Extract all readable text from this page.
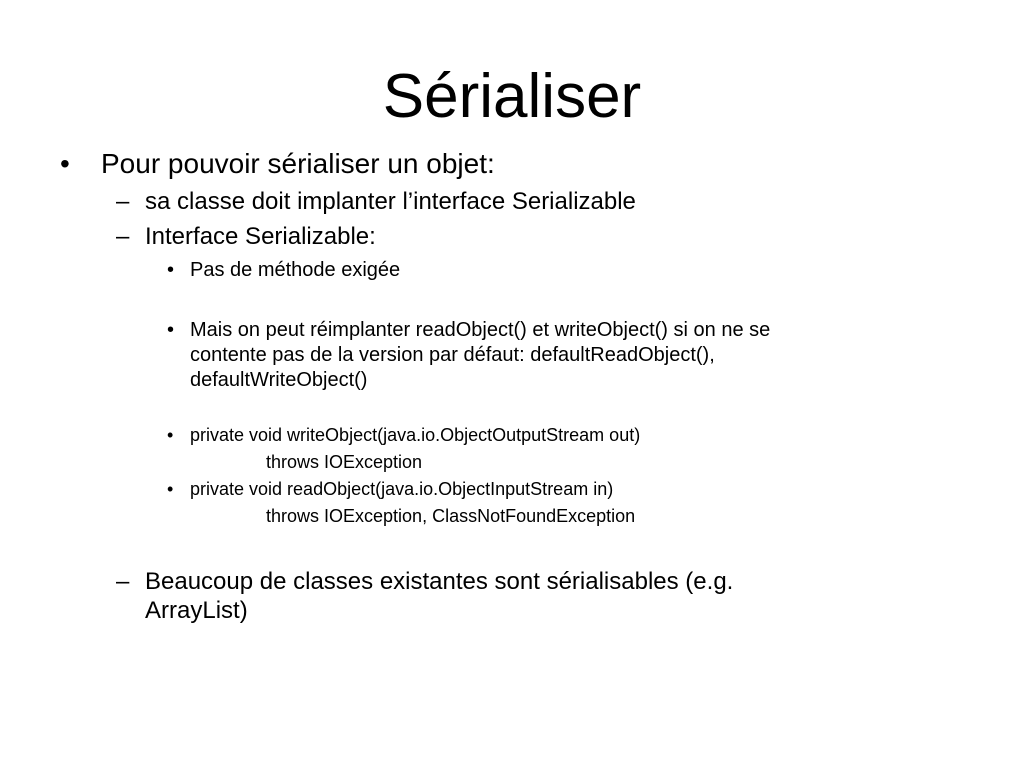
Sérialiser
• Pour pouvoir sérialiser un objet:
– sa classe doit implanter l’interface Serializable
– Interface Serializable:
• Pas de méthode exigée
• Mais on peut réimplanter readObject() et writeObject() si on ne se
contente pas de la version par défaut: defaultReadObject(),
defaultWriteObject()
• private void writeObject(java.io.ObjectOutputStream out)
throws IOException
• private void readObject(java.io.ObjectInputStream in)
throws IOException, ClassNotFoundException
– Beaucoup de classes existantes sont sérialisables (e.g.
ArrayList)
